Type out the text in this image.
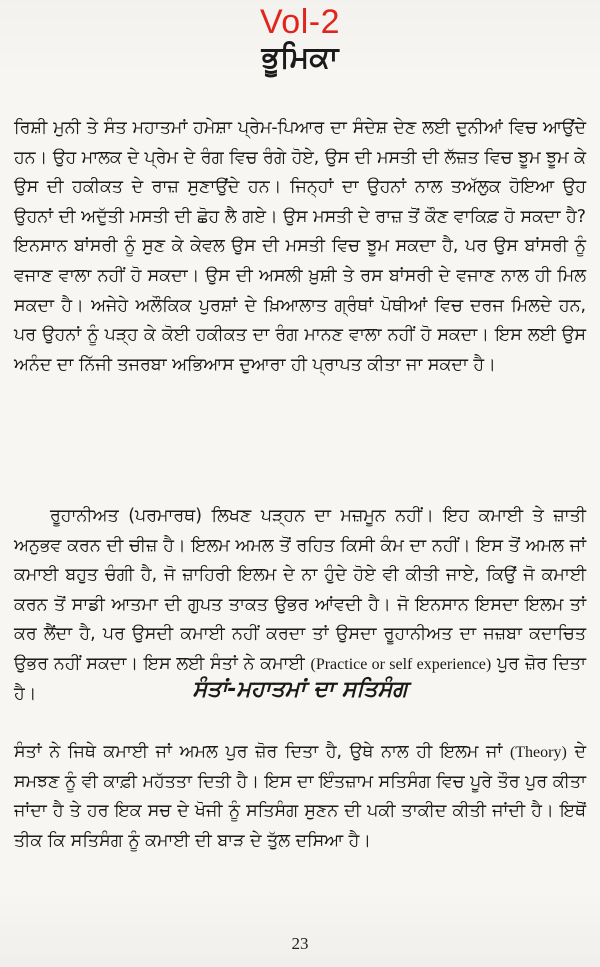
Vol-2
ਭੂਮਿਕਾ

ਰਿਸ਼ੀ ਮੁਨੀ ਤੇ ਸੰਤ ਮਹਾਤਮਾਂ ਹਮੇਸ਼ਾ ਪ੍ਰੇਮ-ਪਿਆਰ ਦਾ ਸੰਦੇਸ਼ ਦੇਣ ਲਈ ਦੁਨੀਆਂ ਵਿਚ ਆਉਂਦੇ ਹਨ। ਉਹ ਮਾਲਕ ਦੇ ਪ੍ਰੇਮ ਦੇ ਰੰਗ ਵਿਚ ਰੰਗੇ ਹੋਏ, ਉਸ ਦੀ ਮਸਤੀ ਦੀ ਲੱਜ਼ਤ ਵਿਚ ਝੂਮ ਝੂਮ ਕੇ ਉਸ ਦੀ ਹਕੀਕਤ ਦੇ ਰਾਜ਼ ਸੁਣਾਉਂਦੇ ਹਨ। ਜਿਨ੍ਹਾਂ ਦਾ ਉਹਨਾਂ ਨਾਲ ਤਅੱਲੁਕ ਹੋਇਆ ਉਹ ਉਹਨਾਂ ਦੀ ਅਦੁੱਤੀ ਮਸਤੀ ਦੀ ਛੋਹ ਲੈ ਗਏ। ਉਸ ਮਸਤੀ ਦੇ ਰਾਜ਼ ਤੋਂ ਕੌਣ ਵਾਕਿਫ਼ ਹੋ ਸਕਦਾ ਹੈ? ਇਨਸਾਨ ਬਾਂਸਰੀ ਨੂੰ ਸੁਣ ਕੇ ਕੇਵਲ ਉਸ ਦੀ ਮਸਤੀ ਵਿਚ ਝੂਮ ਸਕਦਾ ਹੈ, ਪਰ ਉਸ ਬਾਂਸਰੀ ਨੂੰ ਵਜਾਣ ਵਾਲਾ ਨਹੀਂ ਹੋ ਸਕਦਾ। ਉਸ ਦੀ ਅਸਲੀ ਖ਼ੁਸ਼ੀ ਤੇ ਰਸ ਬਾਂਸਰੀ ਦੇ ਵਜਾਣ ਨਾਲ ਹੀ ਮਿਲ ਸਕਦਾ ਹੈ। ਅਜੇਹੇ ਅਲੌਕਿਕ ਪੁਰਸ਼ਾਂ ਦੇ ਖ਼ਿਆਲਾਤ ਗ੍ਰੰਥਾਂ ਪੋਥੀਆਂ ਵਿਚ ਦਰਜ ਮਿਲਦੇ ਹਨ, ਪਰ ਉਹਨਾਂ ਨੂੰ ਪੜ੍ਹ ਕੇ ਕੋਈ ਹਕੀਕਤ ਦਾ ਰੰਗ ਮਾਨਣ ਵਾਲਾ ਨਹੀਂ ਹੋ ਸਕਦਾ। ਇਸ ਲਈ ਉਸ ਅਨੰਦ ਦਾ ਨਿੱਜੀ ਤਜਰਬਾ ਅਭਿਆਸ ਦੁਆਰਾ ਹੀ ਪ੍ਰਾਪਤ ਕੀਤਾ ਜਾ ਸਕਦਾ ਹੈ।

ਰੂਹਾਨੀਅਤ (ਪਰਮਾਰਥ) ਲਿਖਣ ਪੜ੍ਹਨ ਦਾ ਮਜ਼ਮੂਨ ਨਹੀਂ। ਇਹ ਕਮਾਈ ਤੇ ਜ਼ਾਤੀ ਅਨੁਭਵ ਕਰਨ ਦੀ ਚੀਜ਼ ਹੈ। ਇਲਮ ਅਮਲ ਤੋਂ ਰਹਿਤ ਕਿਸੀ ਕੰਮ ਦਾ ਨਹੀਂ। ਇਸ ਤੋਂ ਅਮਲ ਜਾਂ ਕਮਾਈ ਬਹੁਤ ਚੰਗੀ ਹੈ, ਜੋ ਜ਼ਾਹਿਰੀ ਇਲਮ ਦੇ ਨਾ ਹੁੰਦੇ ਹੋਏ ਵੀ ਕੀਤੀ ਜਾਏ, ਕਿਉਂ ਜੋ ਕਮਾਈ ਕਰਨ ਤੋਂ ਸਾਡੀ ਆਤਮਾ ਦੀ ਗੁਪਤ ਤਾਕਤ ਉਭਰ ਆਂਵਦੀ ਹੈ। ਜੋ ਇਨਸਾਨ ਇਸਦਾ ਇਲਮ ਤਾਂ ਕਰ ਲੈਂਦਾ ਹੈ, ਪਰ ਉਸਦੀ ਕਮਾਈ ਨਹੀਂ ਕਰਦਾ ਤਾਂ ਉਸਦਾ ਰੂਹਾਨੀਅਤ ਦਾ ਜਜ਼ਬਾ ਕਦਾਚਿਤ ਉਭਰ ਨਹੀਂ ਸਕਦਾ। ਇਸ ਲਈ ਸੰਤਾਂ ਨੇ ਕਮਾਈ (Practice or self experience) ਪੁਰ ਜ਼ੋਰ ਦਿਤਾ ਹੈ।	ਸੰਤਾਂ-ਮਹਾਤਮਾਂ ਦਾ ਸਤਿਸੰਗ

ਸੰਤਾਂ ਨੇ ਜਿਥੇ ਕਮਾਈ ਜਾਂ ਅਮਲ ਪੁਰ ਜ਼ੋਰ ਦਿਤਾ ਹੈ, ਉਥੇ ਨਾਲ ਹੀ ਇਲਮ ਜਾਂ (Theory) ਦੇ ਸਮਝਣ ਨੂੰ ਵੀ ਕਾਫ਼ੀ ਮਹੱਤਤਾ ਦਿਤੀ ਹੈ। ਇਸ ਦਾ ਇੰਤਜ਼ਾਮ ਸਤਿਸੰਗ ਵਿਚ ਪੂਰੇ ਤੌਰ ਪੁਰ ਕੀਤਾ ਜਾਂਦਾ ਹੈ ਤੇ ਹਰ ਇਕ ਸਚ ਦੇ ਖੋਜੀ ਨੂੰ ਸਤਿਸੰਗ ਸੁਣਨ ਦੀ ਪਕੀ ਤਾਕੀਦ ਕੀਤੀ ਜਾਂਦੀ ਹੈ। ਇਥੋਂ ਤੀਕ ਕਿ ਸਤਿਸੰਗ ਨੂੰ ਕਮਾਈ ਦੀ ਬਾੜ ਦੇ ਤੁੱਲ ਦਸਿਆ ਹੈ।

23
